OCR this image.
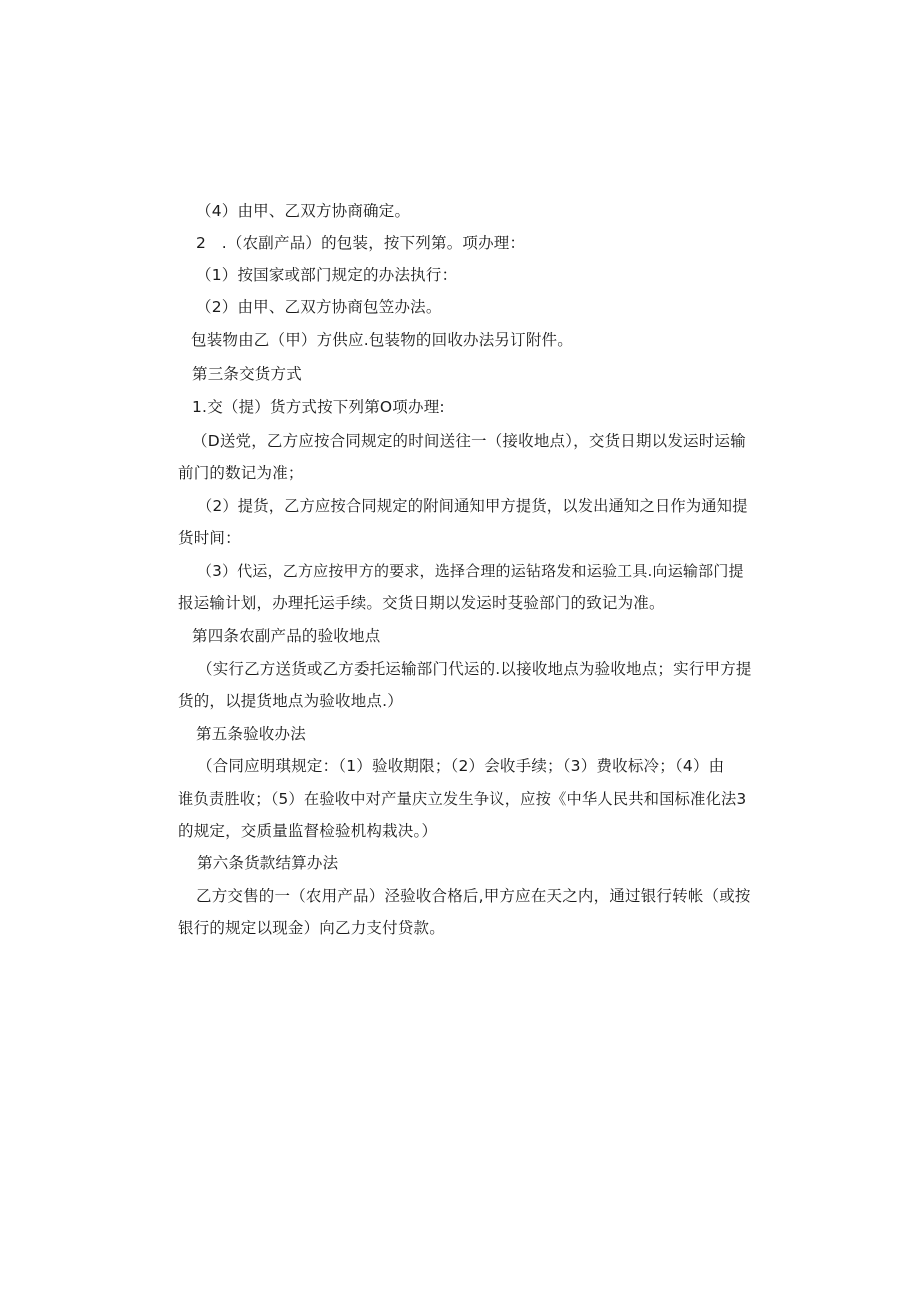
（4）由甲、乙双方协商确定。
2　.（农副产品）的包装，按下列第。项办理：
（1）按国家或部门规定的办法执行：
（2）由甲、乙双方协商包笠办法。
包装物由乙（甲）方供应.包装物的回收办法另订附件。
第三条交货方式
1.交（提）货方式按下列第O项办理:
（D送党，乙方应按合同规定的时间送往一（接收地点），交货日期以发运时运输
前门的数记为准；
（2）提货，乙方应按合同规定的附间通知甲方提货，以发出通知之日作为通知提
货时间：
（3）代运，乙方应按甲方的要求，选择合理的运钻珞发和运验工具.向运输部门提
报运输计划，办理托运手续。交货日期以发运时芟验部门的致记为准。
第四条农副产品的验收地点
（实行乙方送货或乙方委托运输部门代运的.以接收地点为验收地点；实行甲方提
货的，以提货地点为验收地点.）
第五条验收办法
（合同应明琪规定：（1）验收期限；（2）会收手续；（3）费收标冷；（4）由
谁负责胜收；（5）在验收中对产量庆立发生争议，应按《中华人民共和国标准化法3
的规定，交质量监督检验机构栽决。）
第六条货款结算办法
乙方交售的一（农用产品）泾验收合格后,甲方应在天之内，通过银行转帐（或按
银行的规定以现金）向乙力支付贷款。
